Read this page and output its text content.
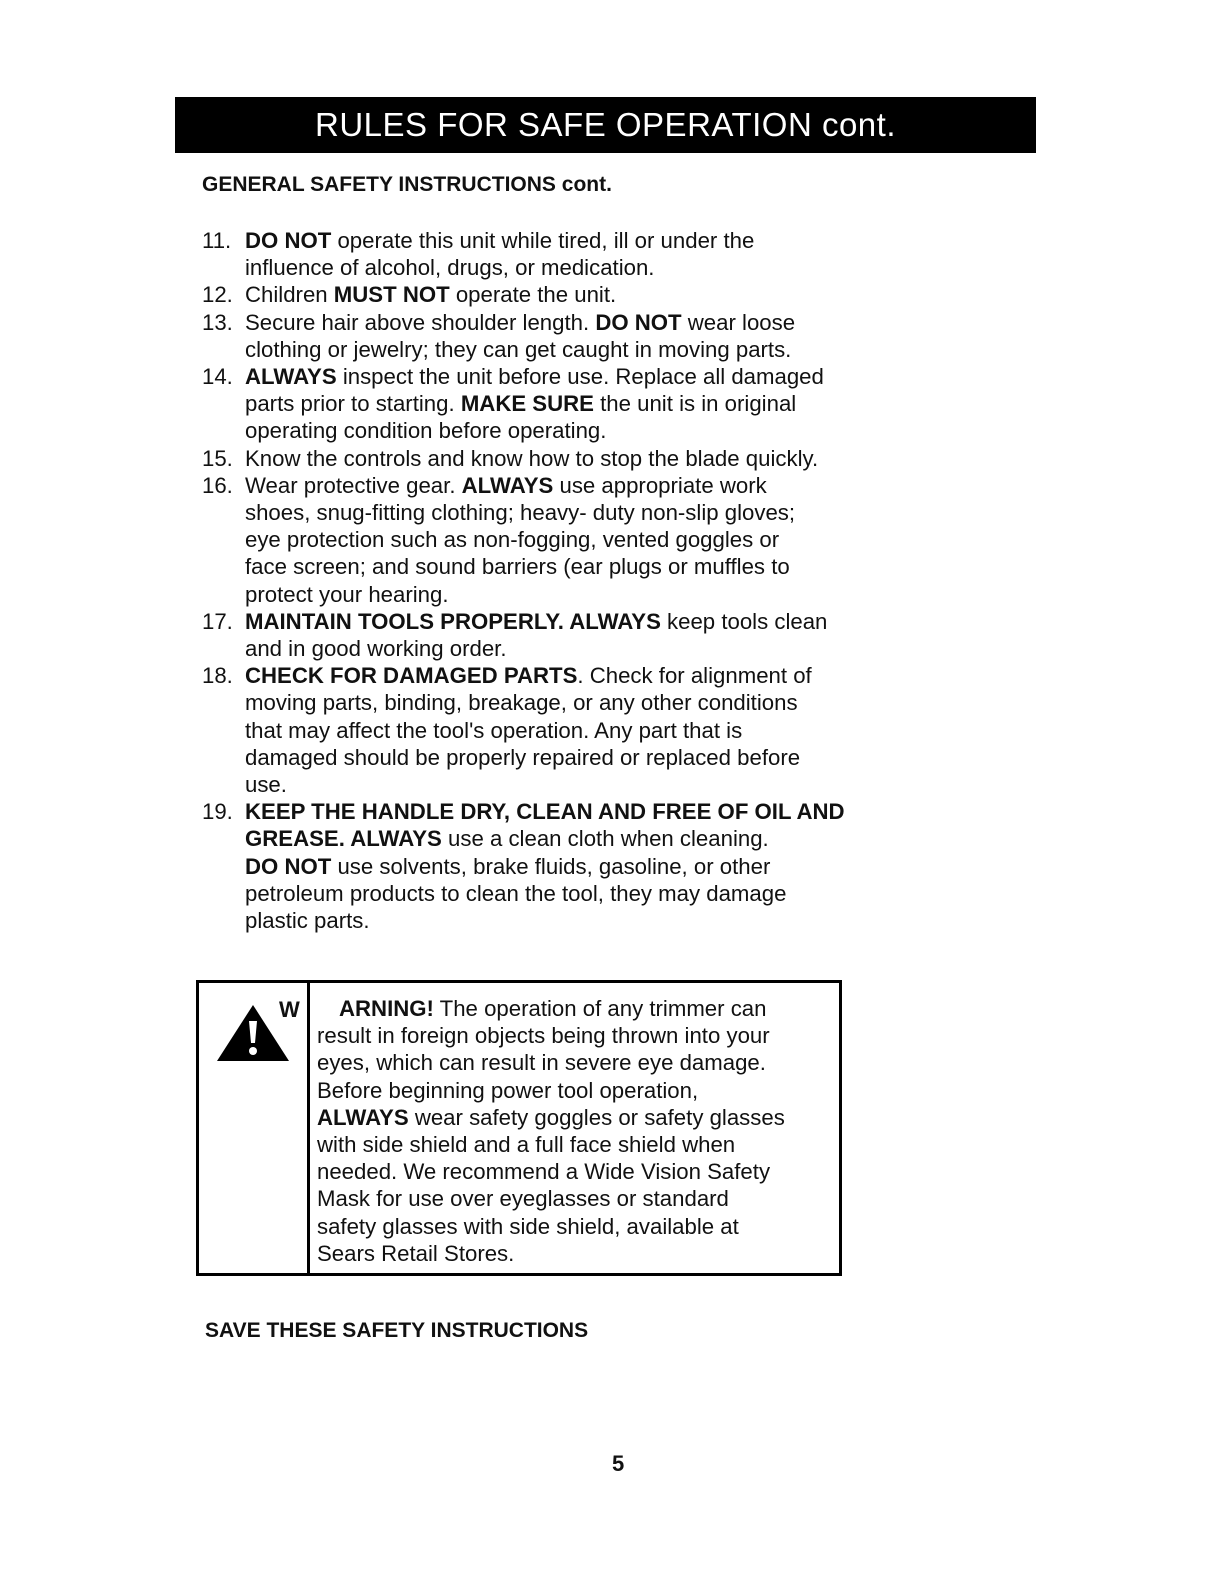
RULES FOR SAFE OPERATION cont.
GENERAL SAFETY INSTRUCTIONS cont.
11. DO NOT operate this unit while tired, ill or under the
influence of alcohol, drugs, or medication.
12. Children MUST NOT operate the unit.
13. Secure hair above shoulder length. DO NOT wear loose
clothing or jewelry; they can get caught in moving parts.
14. ALWAYS inspect the unit before use. Replace all damaged
parts prior to starting. MAKE SURE the unit is in original
operating condition before operating.
15. Know the controls and know how to stop the blade quickly.
16. Wear protective gear. ALWAYS use appropriate work
shoes, snug-fitting clothing; heavy- duty non-slip gloves;
eye protection such as non-fogging, vented goggles or
face screen; and sound barriers (ear plugs or muffles to
protect your hearing.
17. MAINTAIN TOOLS PROPERLY. ALWAYS keep tools clean
and in good working order.
18. CHECK FOR DAMAGED PARTS. Check for alignment of
moving parts, binding, breakage, or any other conditions
that may affect the tool's operation. Any part that is
damaged should be properly repaired or replaced before
use.
19. KEEP THE HANDLE DRY, CLEAN AND FREE OF OIL AND
GREASE. ALWAYS use a clean cloth when cleaning.
DO NOT use solvents, brake fluids, gasoline, or other
petroleum products to clean the tool, they may damage
plastic parts.
W	ARNING! The operation of any trimmer can
result in foreign objects being thrown into your
eyes, which can result in severe eye damage.
Before beginning power tool operation,
ALWAYS wear safety goggles or safety glasses
with side shield and a full face shield when
needed. We recommend a Wide Vision Safety
Mask for use over eyeglasses or standard
safety glasses with side shield, available at
Sears Retail Stores.
SAVE THESE SAFETY INSTRUCTIONS
5
